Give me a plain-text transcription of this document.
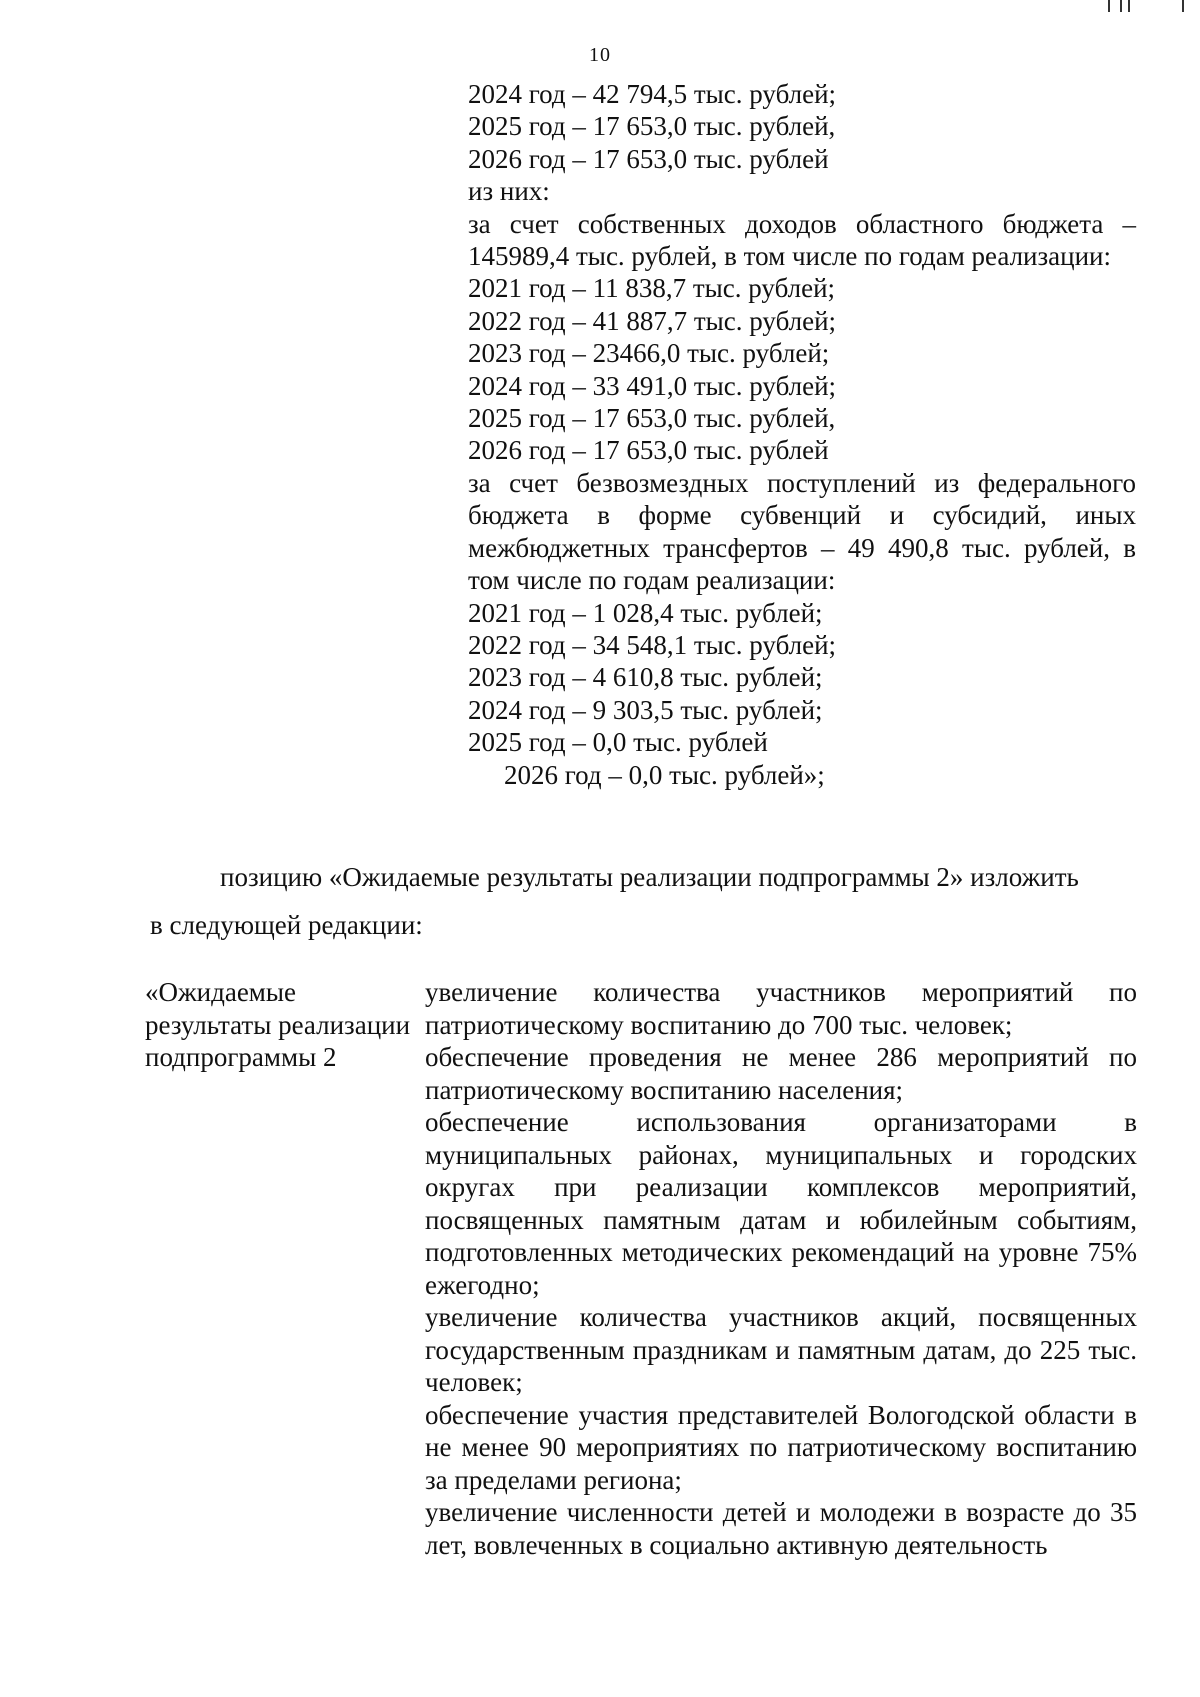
10
2024 год – 42 794,5 тыс. рублей;
2025 год – 17 653,0 тыс. рублей,
2026 год – 17 653,0 тыс. рублей
из них:
за счет собственных доходов областного бюджета – 145989,4 тыс. рублей, в том числе по годам реализации:
2021 год – 11 838,7 тыс. рублей;
2022 год – 41 887,7 тыс. рублей;
2023 год – 23466,0 тыс. рублей;
2024 год – 33 491,0 тыс. рублей;
2025 год – 17 653,0 тыс. рублей,
2026 год – 17 653,0 тыс. рублей
за счет безвозмездных поступлений из федерального бюджета в форме субвенций и субсидий, иных межбюджетных трансфертов – 49 490,8 тыс. рублей, в том числе по годам реализации:
2021 год – 1 028,4 тыс. рублей;
2022 год – 34 548,1 тыс. рублей;
2023 год – 4 610,8 тыс. рублей;
2024 год – 9 303,5 тыс. рублей;
2025 год – 0,0 тыс. рублей
2026 год – 0,0 тыс. рублей»;
позицию «Ожидаемые результаты реализации подпрограммы 2» изложить
в следующей редакции:
«Ожидаемые результаты реализации подпрограммы 2
увеличение количества участников мероприятий по патриотическому воспитанию до 700 тыс. человек;
обеспечение проведения не менее 286 мероприятий по патриотическому воспитанию населения;
обеспечение использования организаторами в муниципальных районах, муниципальных и городских округах при реализации комплексов мероприятий, посвященных памятным датам и юбилейным событиям, подготовленных методических рекомендаций на уровне 75% ежегодно;
увеличение количества участников акций, посвященных государственным праздникам и памятным датам, до 225 тыс. человек;
обеспечение участия представителей Вологодской области в не менее 90 мероприятиях по патриотическому воспитанию за пределами региона;
увеличение численности детей и молодежи в возрасте до 35 лет, вовлеченных в социально активную деятельность
